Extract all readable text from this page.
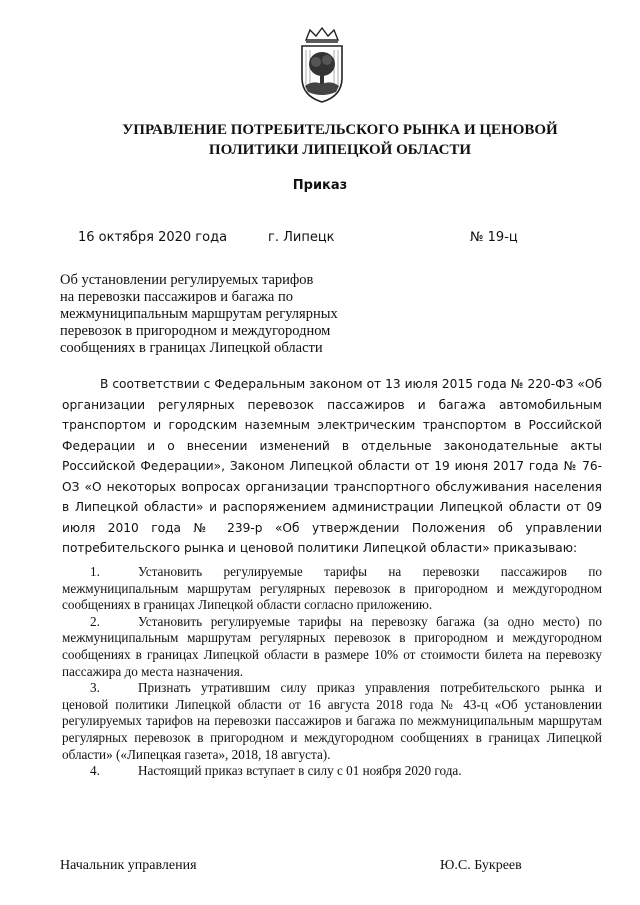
УПРАВЛЕНИЕ ПОТРЕБИТЕЛЬСКОГО РЫНКА И ЦЕНОВОЙ
ПОЛИТИКИ ЛИПЕЦКОЙ ОБЛАСТИ
Приказ
16 октября 2020 года	г. Липецк	№ 19-ц
Об установлении регулируемых тарифов
на перевозки пассажиров и багажа по
межмуниципальным маршрутам регулярных
перевозок в пригородном и междугородном
сообщениях в границах Липецкой области

В соответствии с Федеральным законом от 13 июля 2015 года № 220-ФЗ «Об организации регулярных перевозок пассажиров и багажа автомобильным транспортом и городским наземным электрическим транспортом в Российской Федерации и о внесении изменений в отдельные законодательные акты Российской Федерации», Законом Липецкой области от 19 июня 2017 года № 76-ОЗ «О некоторых вопросах организации транспортного обслуживания населения в Липецкой области» и распоряжением администрации Липецкой области от 09 июля 2010 года № 239-р «Об утверждении Положения об управлении потребительского рынка и ценовой политики Липецкой области» приказываю:

1.	Установить регулируемые тарифы на перевозки пассажиров по межмуниципальным маршрутам регулярных перевозок в пригородном и междугородном сообщениях в границах Липецкой области согласно приложению.

2.	Установить регулируемые тарифы на перевозку багажа (за одно место) по межмуниципальным маршрутам регулярных перевозок в пригородном и междугородном сообщениях в границах Липецкой области в размере 10% от стоимости билета на перевозку пассажира до места назначения.

3.	Признать утратившим силу приказ управления потребительского рынка и ценовой политики Липецкой области от 16 августа 2018 года № 43-ц «Об установлении регулируемых тарифов на перевозки пассажиров и багажа по межмуниципальным маршрутам регулярных перевозок в пригородном и междугородном сообщениях в границах Липецкой области» («Липецкая газета», 2018, 18 августа).

4.	Настоящий приказ вступает в силу с 01 ноября 2020 года.

Начальник управления	Ю.С. Букреев
